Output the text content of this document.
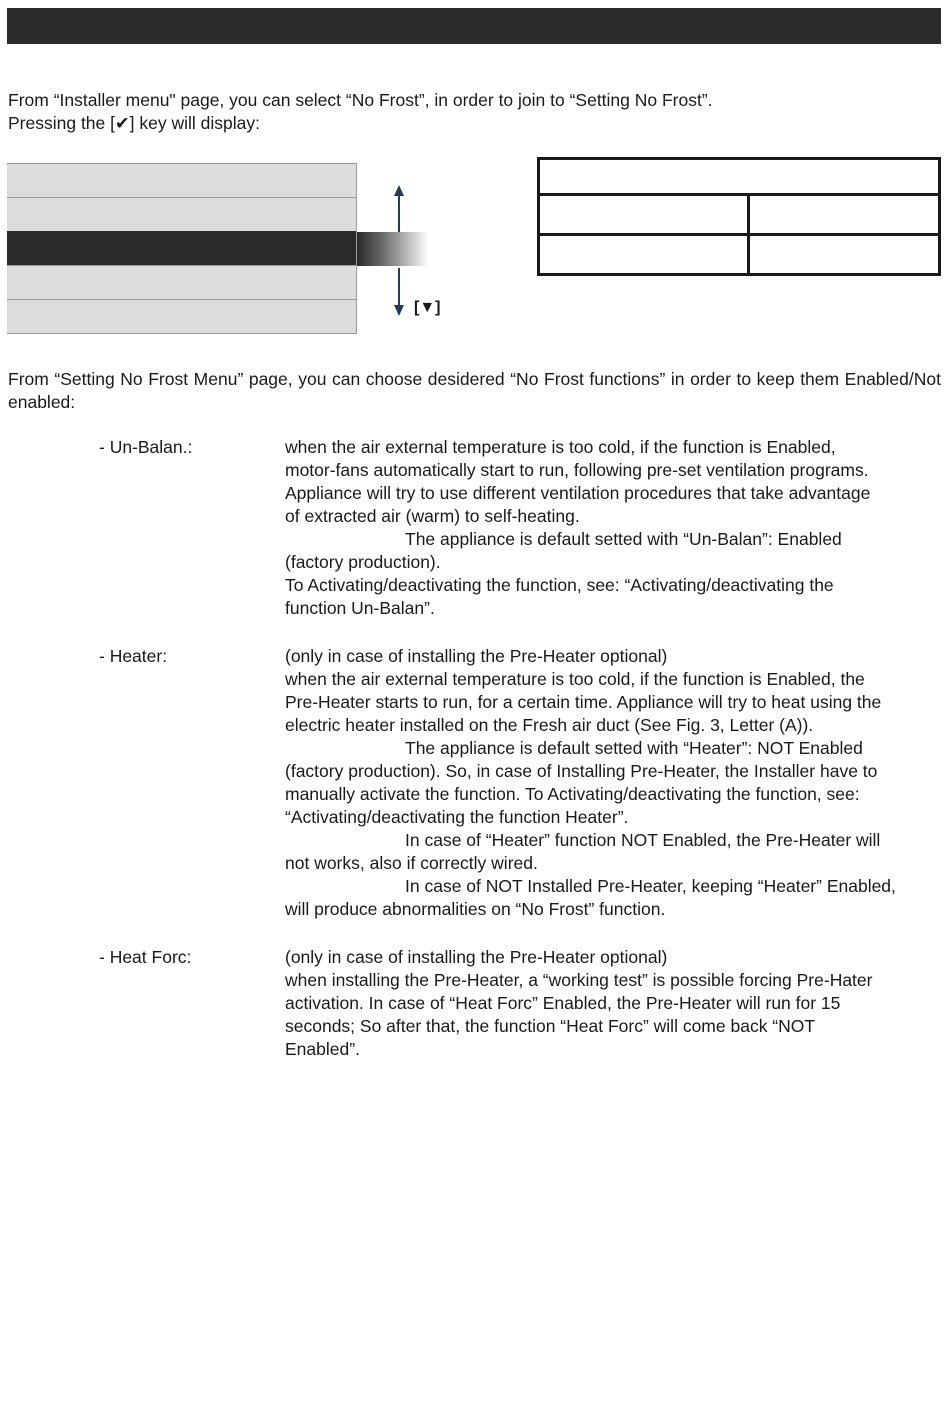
From “Installer menu" page, you can select “No Frost”, in order to join to “Setting No Frost”.

Pressing the [✔] key will display:

[▼]

From “Setting No Frost Menu” page, you can choose desidered “No Frost functions” in order to keep them Enabled/Not enabled:

- Un-Balan.:	when the air external temperature is too cold, if the function is Enabled,

motor-fans automatically start to run, following pre-set ventilation programs.

Appliance will try to use different ventilation procedures that take advantage

of extracted air (warm) to self-heating.

The appliance is default setted with “Un-Balan”: Enabled

(factory production).

To Activating/deactivating the function, see: “Activating/deactivating the

function Un-Balan”.

- Heater:	(only in case of installing the Pre-Heater optional)

when the air external temperature is too cold, if the function is Enabled, the

Pre-Heater starts to run, for a certain time. Appliance will try to heat using the

electric heater installed on the Fresh air duct (See Fig. 3, Letter (A)).

The appliance is default setted with “Heater”: NOT Enabled

(factory production). So, in case of Installing Pre-Heater, the Installer have to

manually activate the function. To Activating/deactivating the function, see:

“Activating/deactivating the function Heater”.

In case of “Heater” function NOT Enabled, the Pre-Heater will

not works, also if correctly wired.

In case of NOT Installed Pre-Heater, keeping “Heater” Enabled,

will produce abnormalities on “No Frost” function.

- Heat Forc:	(only in case of installing the Pre-Heater optional)

when installing the Pre-Heater, a “working test” is possible forcing Pre-Hater

activation. In case of “Heat Forc” Enabled, the Pre-Heater will run for 15

seconds; So after that, the function “Heat Forc” will come back “NOT

Enabled”.
